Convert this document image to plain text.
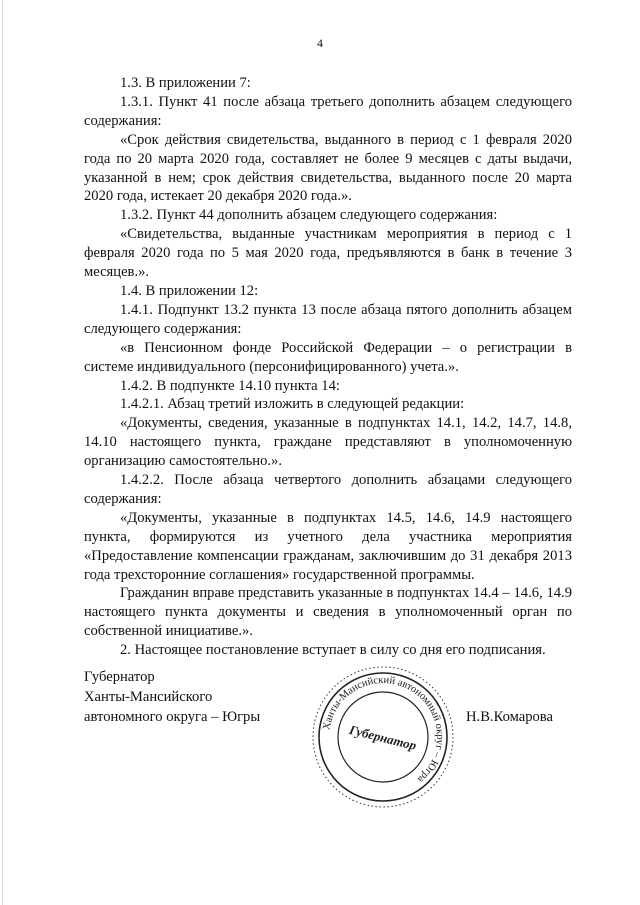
4

1.3. В приложении 7:

1.3.1. Пункт 41 после абзаца третьего дополнить абзацем следующего содержания:

«Срок действия свидетельства, выданного в период с 1 февраля 2020 года по 20 марта 2020 года, составляет не более 9 месяцев с даты выдачи, указанной в нем; срок действия свидетельства, выданного после 20 марта 2020 года, истекает 20 декабря 2020 года.».

1.3.2. Пункт 44 дополнить абзацем следующего содержания:

«Свидетельства, выданные участникам мероприятия в период с 1 февраля 2020 года по 5 мая 2020 года, предъявляются в банк в течение 3 месяцев.».

1.4. В приложении 12:

1.4.1. Подпункт 13.2 пункта 13 после абзаца пятого дополнить абзацем следующего содержания:

«в Пенсионном фонде Российской Федерации – о регистрации в системе индивидуального (персонифицированного) учета.».

1.4.2. В подпункте 14.10 пункта 14:

1.4.2.1. Абзац третий изложить в следующей редакции:

«Документы, сведения, указанные в подпунктах 14.1, 14.2, 14.7, 14.8, 14.10 настоящего пункта, граждане представляют в уполномоченную организацию самостоятельно.».

1.4.2.2. После абзаца четвертого дополнить абзацами следующего содержания:

«Документы, указанные в подпунктах 14.5, 14.6, 14.9 настоящего пункта, формируются из учетного дела участника мероприятия «Предоставление компенсации гражданам, заключившим до 31 декабря 2013 года трехсторонние соглашения» государственной программы.

Гражданин вправе представить указанные в подпунктах 14.4 – 14.6, 14.9 настоящего пункта документы и сведения в уполномоченный орган по собственной инициативе.».

2. Настоящее постановление вступает в силу со дня его подписания.

Губернатор
Ханты-Мансийского
автономного округа – Югры
Ханты-Мансийский автономный округ – Югра
Губернатор
Н.В.Комарова
